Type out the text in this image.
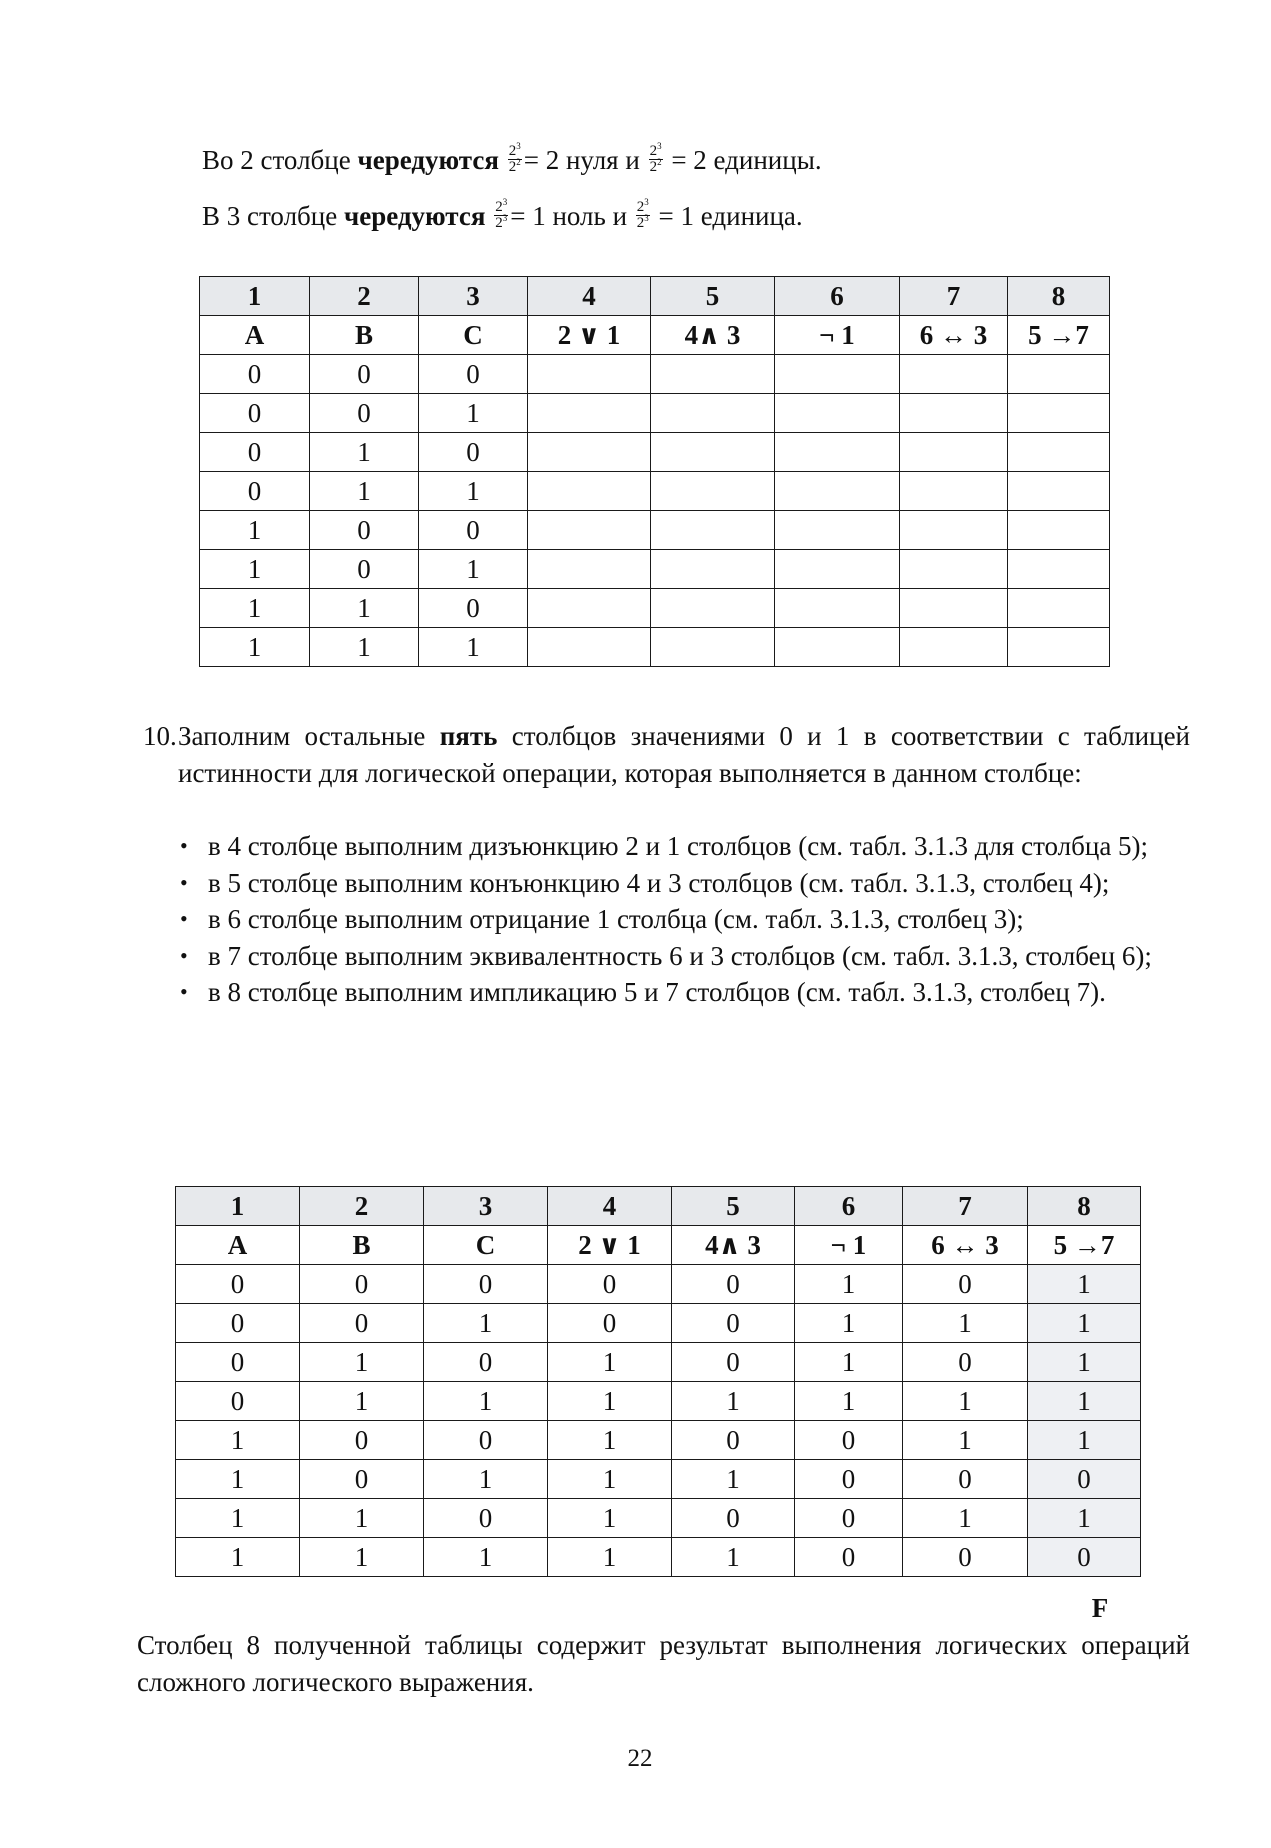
Во 2 столбце чередуются $\frac{2^3}{2^2} = 2$ нуля и $\frac{2^3}{2^2} = 2$ единицы.
В 3 столбце чередуются $\frac{2^3}{2^3} = 1$ ноль и $\frac{2^3}{2^3} = 1$ единица.
1	2	3	4	5	6	7	8
A	B	C	2 ∨ 1	4∧ 3	¬ 1	6 ↔ 3	5 →7
0	0	0					
0	0	1					
0	1	0					
0	1	1					
1	0	0					
1	0	1					
1	1	0					
1	1	1					
10. Заполним остальные пять столбцов значениями 0 и 1 в соответствии с таблицей истинности для логической операции, которая выполняется в данном столбце:
• в 4 столбце выполним дизъюнкцию 2 и 1 столбцов (см. табл. 3.1.3 для столбца 5);
• в 5 столбце выполним конъюнкцию 4 и 3 столбцов (см. табл. 3.1.3, столбец 4);
• в 6 столбце выполним отрицание 1 столбца (см. табл. 3.1.3, столбец 3);
• в 7 столбце выполним эквивалентность 6 и 3 столбцов (см. табл. 3.1.3, столбец 6);
• в 8 столбце выполним импликацию 5 и 7 столбцов (см. табл. 3.1.3, столбец 7).
1	2	3	4	5	6	7	8
A	B	C	2 ∨ 1	4∧ 3	¬ 1	6 ↔ 3	5 →7
0	0	0	0	0	1	0	1
0	0	1	0	0	1	1	1
0	1	0	1	0	1	0	1
0	1	1	1	1	1	1	1
1	0	0	1	0	0	1	1
1	0	1	1	1	0	0	0
1	1	0	1	0	0	1	1
1	1	1	1	1	0	0	0
F
Столбец 8 полученной таблицы содержит результат выполнения логических операций сложного логического выражения.
22
